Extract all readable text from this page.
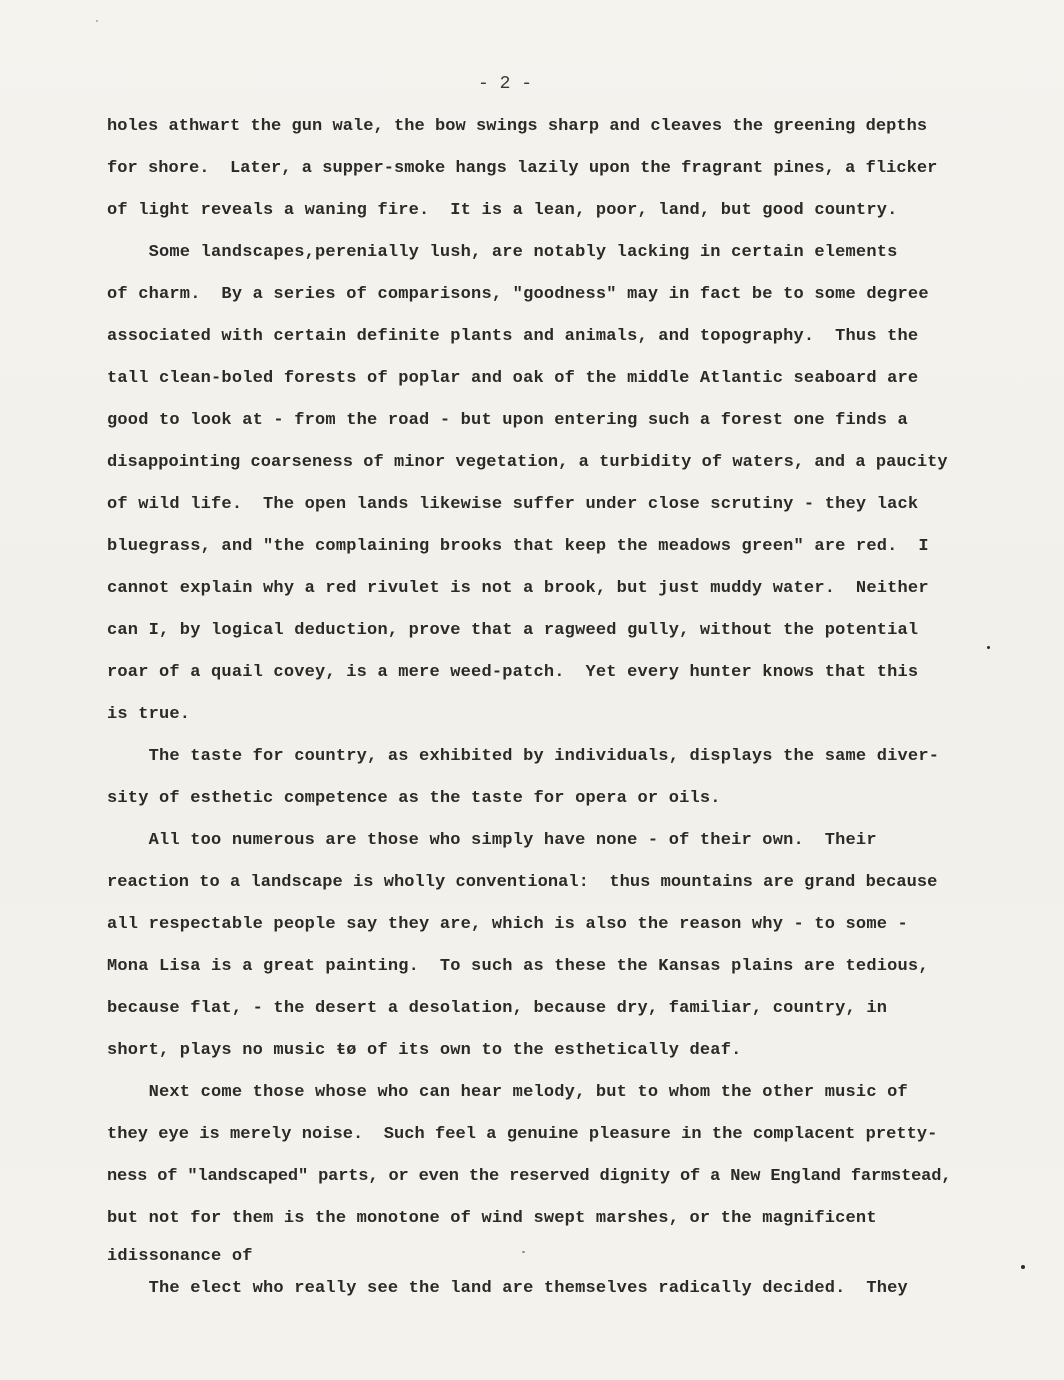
- 2 -
holes athwart the gun wale, the bow swings sharp and cleaves the greening depths
for shore.  Later, a supper-smoke hangs lazily upon the fragrant pines, a flicker
of light reveals a waning fire.  It is a lean, poor, land, but good country.
Some landscapes,perenially lush, are notably lacking in certain elements
of charm.  By a series of comparisons, "goodness" may in fact be to some degree
associated with certain definite plants and animals, and topography.  Thus the
tall clean-boled forests of poplar and oak of the middle Atlantic seaboard are
good to look at - from the road - but upon entering such a forest one finds a
disappointing coarseness of minor vegetation, a turbidity of waters, and a paucity
of wild life.  The open lands likewise suffer under close scrutiny - they lack
bluegrass, and "the complaining brooks that keep the meadows green" are red.  I
cannot explain why a red rivulet is not a brook, but just muddy water.  Neither
can I, by logical deduction, prove that a ragweed gully, without the potential
roar of a quail covey, is a mere weed-patch.  Yet every hunter knows that this
is true.
The taste for country, as exhibited by individuals, displays the same diver-
sity of esthetic competence as the taste for opera or oils.
All too numerous are those who simply have none - of their own.  Their
reaction to a landscape is wholly conventional:  thus mountains are grand because
all respectable people say they are, which is also the reason why - to some -
Mona Lisa is a great painting.  To such as these the Kansas plains are tedious,
because flat, - the desert a desolation, because dry, familiar, country, in
short, plays no music ŧø of its own to the esthetically deaf.
Next come those whose who can hear melody, but to whom the other music of
they eye is merely noise.  Such feel a genuine pleasure in the complacent pretty-
ness of "landscaped" parts, or even the reserved dignity of a New England farmstead,
but not for them is the monotone of wind swept marshes, or the magnificent
idissonance of
The elect who really see the land are themselves radically decided.  They
